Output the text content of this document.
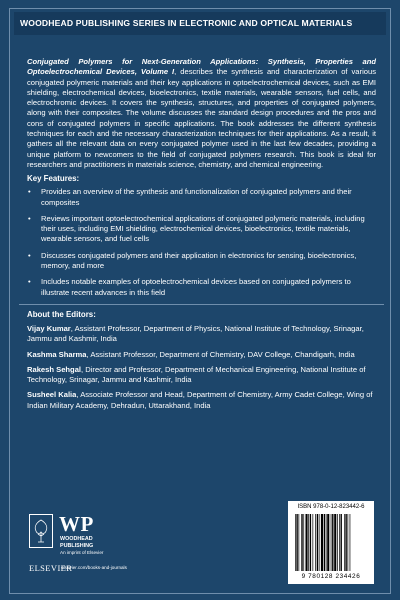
WOODHEAD PUBLISHING SERIES IN ELECTRONIC AND OPTICAL MATERIALS

Conjugated Polymers for Next-Generation Applications: Synthesis, Properties and Optoelectrochemical Devices, Volume I, describes the synthesis and characterization of various conjugated polymeric materials and their key applications in optoelectrochemical devices, such as EMI shielding, electrochemical devices, bioelectronics, textile materials, wearable sensors, fuel cells, and electrochromic devices. It covers the synthesis, structures, and properties of conjugated polymers, along with their composites. The volume discusses the standard design procedures and the pros and cons of conjugated polymers in specific applications. The book addresses the different synthesis techniques for each and the necessary characterization techniques for their applications. As a result, it gathers all the relevant data on every conjugated polymer used in the last few decades, providing a unique platform to newcomers to the field of conjugated polymers research. This book is ideal for researchers and practitioners in materials science, chemistry, and chemical engineering.

Key Features:
• Provides an overview of the synthesis and functionalization of conjugated polymers and their composites
• Reviews important optoelectrochemical applications of conjugated polymeric materials, including their uses, including EMI shielding, electrochemical devices, bioelectronics, textile materials, wearable sensors, and fuel cells
• Discusses conjugated polymers and their application in electronics for sensing, bioelectronics, memory, and more
• Includes notable examples of optoelectrochemical devices based on conjugated polymers to illustrate recent advances in this field
About the Editors:

Vijay Kumar, Assistant Professor, Department of Physics, National Institute of Technology, Srinagar, Jammu and Kashmir, India

Kashma Sharma, Assistant Professor, Department of Chemistry, DAV College, Chandigarh, India

Rakesh Sehgal, Director and Professor, Department of Mechanical Engineering, National Institute of Technology, Srinagar, Jammu and Kashmir, India

Susheel Kalia, Associate Professor and Head, Department of Chemistry, Army Cadet College, Wing of Indian Military Academy, Dehradun, Uttarakhand, India

WP
WOODHEAD
PUBLISHING
An imprint of Elsevier
ELSEVIER
elsevier.com/books-and-journals
ISBN 978-0-12-823442-6
9 780128 234426
